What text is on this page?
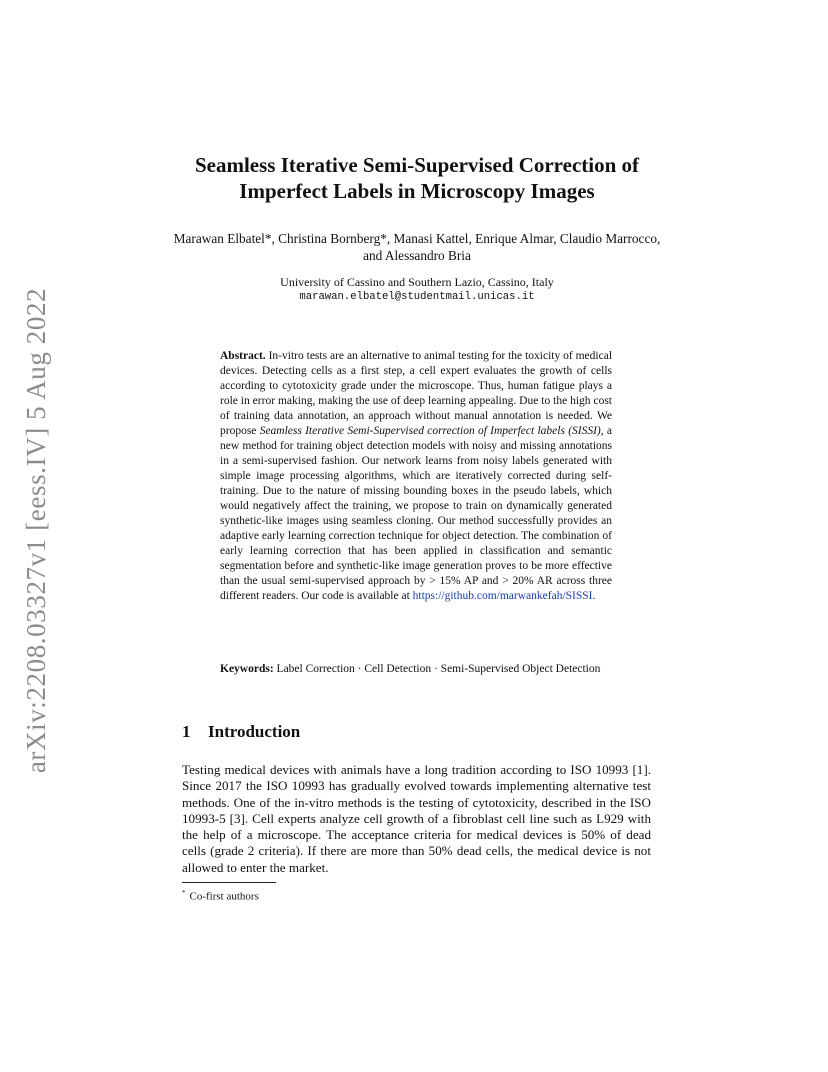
arXiv:2208.03327v1 [eess.IV] 5 Aug 2022
Seamless Iterative Semi-Supervised Correction of Imperfect Labels in Microscopy Images
Marawan Elbatel*, Christina Bornberg*, Manasi Kattel, Enrique Almar, Claudio Marrocco, and Alessandro Bria
University of Cassino and Southern Lazio, Cassino, Italy
marawan.elbatel@studentmail.unicas.it
Abstract. In-vitro tests are an alternative to animal testing for the toxicity of medical devices. Detecting cells as a first step, a cell expert evaluates the growth of cells according to cytotoxicity grade under the microscope. Thus, human fatigue plays a role in error making, making the use of deep learning appealing. Due to the high cost of training data annotation, an approach without manual annotation is needed. We propose Seamless Iterative Semi-Supervised correction of Imperfect labels (SISSI), a new method for training object detection models with noisy and missing annotations in a semi-supervised fashion. Our network learns from noisy labels generated with simple image processing algorithms, which are iteratively corrected during self-training. Due to the nature of missing bounding boxes in the pseudo labels, which would negatively affect the training, we propose to train on dynamically generated synthetic-like images using seamless cloning. Our method successfully provides an adaptive early learning correction technique for object detection. The combination of early learning correction that has been applied in classification and semantic segmentation before and synthetic-like image generation proves to be more effective than the usual semi-supervised approach by > 15% AP and > 20% AR across three different readers. Our code is available at https://github.com/marwankefah/SISSI.
Keywords: Label Correction · Cell Detection · Semi-Supervised Object Detection
1 Introduction
Testing medical devices with animals have a long tradition according to ISO 10993 [1]. Since 2017 the ISO 10993 has gradually evolved towards implementing alternative test methods. One of the in-vitro methods is the testing of cytotoxicity, described in the ISO 10993-5 [3]. Cell experts analyze cell growth of a fibroblast cell line such as L929 with the help of a microscope. The acceptance criteria for medical devices is 50% of dead cells (grade 2 criteria). If there are more than 50% dead cells, the medical device is not allowed to enter the market.
* Co-first authors
